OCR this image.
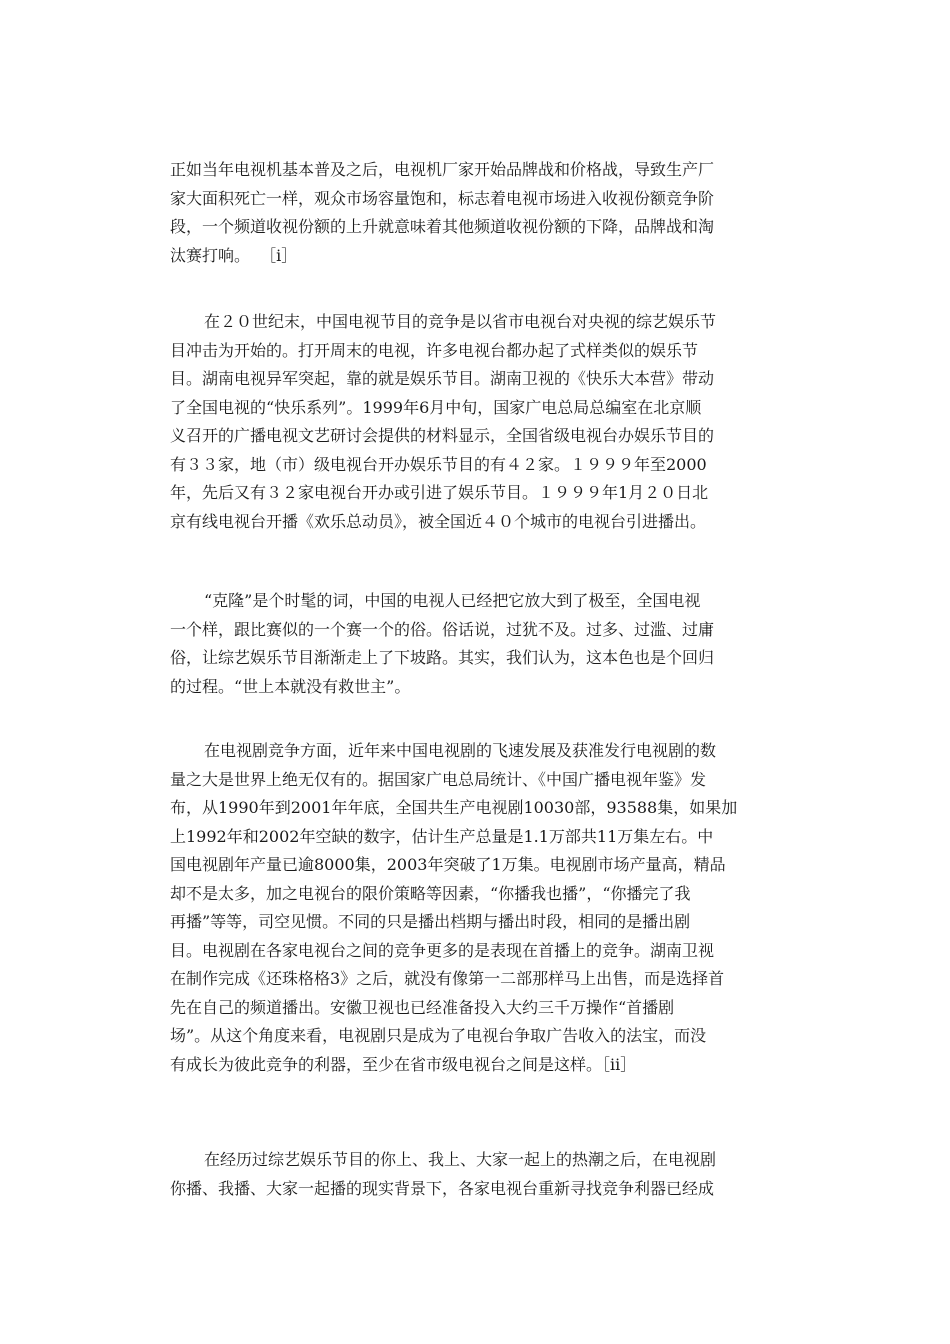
正如当年电视机基本普及之后，电视机厂家开始品牌战和价格战，导致生产厂
家大面积死亡一样，观众市场容量饱和，标志着电视市场进入收视份额竞争阶
段，一个频道收视份额的上升就意味着其他频道收视份额的下降，品牌战和淘
汰赛打响。  ［i］
在２０世纪末，中国电视节目的竞争是以省市电视台对央视的综艺娱乐节
目冲击为开始的。打开周末的电视，许多电视台都办起了式样类似的娱乐节
目。湖南电视异军突起，靠的就是娱乐节目。湖南卫视的《快乐大本营》带动
了全国电视的“快乐系列”。1999年6月中旬，国家广电总局总编室在北京顺
义召开的广播电视文艺研讨会提供的材料显示，全国省级电视台办娱乐节目的
有３３家，地（市）级电视台开办娱乐节目的有４２家。１９９９年至2000
年，先后又有３２家电视台开办或引进了娱乐节目。１９９９年1月２０日北
京有线电视台开播《欢乐总动员》，被全国近４０个城市的电视台引进播出。
“克隆”是个时髦的词，中国的电视人已经把它放大到了极至，全国电视
一个样，跟比赛似的一个赛一个的俗。俗话说，过犹不及。过多、过滥、过庸
俗，让综艺娱乐节目渐渐走上了下坡路。其实，我们认为，这本色也是个回归
的过程。“世上本就没有救世主”。
在电视剧竞争方面，近年来中国电视剧的飞速发展及获准发行电视剧的数
量之大是世界上绝无仅有的。据国家广电总局统计、《中国广播电视年鉴》发
布，从1990年到2001年年底，全国共生产电视剧10030部，93588集，如果加
上1992年和2002年空缺的数字，估计生产总量是1.1万部共11万集左右。中
国电视剧年产量已逾8000集，2003年突破了1万集。电视剧市场产量高，精品
却不是太多，加之电视台的限价策略等因素，“你播我也播”，“你播完了我
再播”等等，司空见惯。不同的只是播出档期与播出时段，相同的是播出剧
目。电视剧在各家电视台之间的竞争更多的是表现在首播上的竞争。湖南卫视
在制作完成《还珠格格3》之后，就没有像第一二部那样马上出售，而是选择首
先在自己的频道播出。安徽卫视也已经准备投入大约三千万操作“首播剧
场”。从这个角度来看，电视剧只是成为了电视台争取广告收入的法宝，而没
有成长为彼此竞争的利器，至少在省市级电视台之间是这样。［ii］
在经历过综艺娱乐节目的你上、我上、大家一起上的热潮之后，在电视剧
你播、我播、大家一起播的现实背景下，各家电视台重新寻找竞争利器已经成
